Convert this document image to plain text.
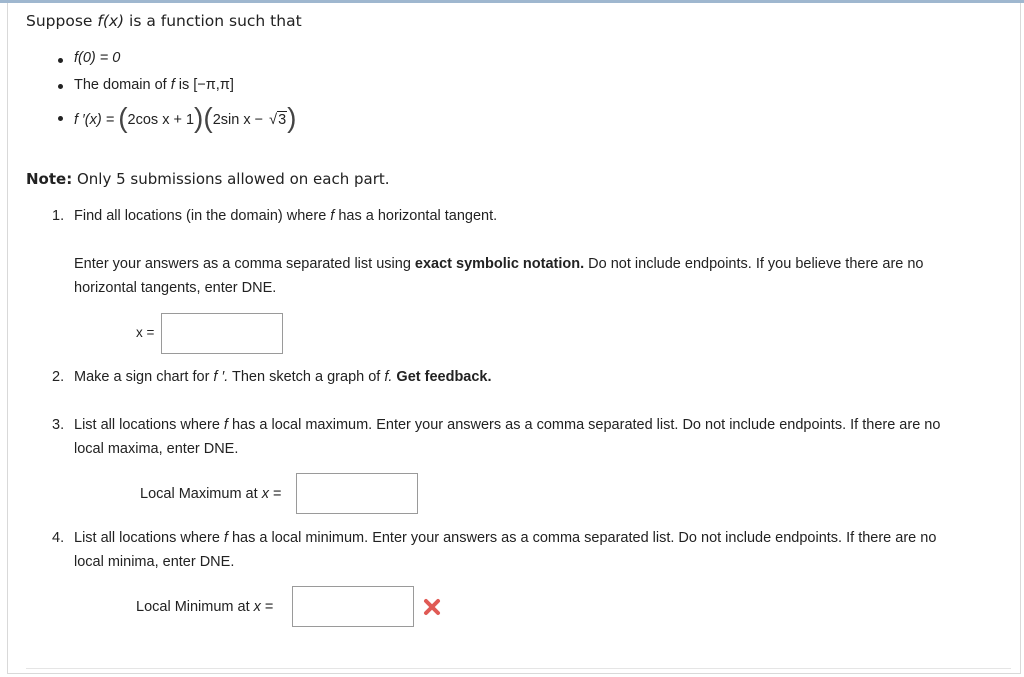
Suppose f(x) is a function such that
f(0) = 0
The domain of f is [−π,π]
f ′(x) = (2cos x + 1)(2sin x − √3)
Note: Only 5 submissions allowed on each part.
1. Find all locations (in the domain) where f has a horizontal tangent.
Enter your answers as a comma separated list using exact symbolic notation. Do not include endpoints. If you believe there are no
horizontal tangents, enter DNE.
x =
2. Make a sign chart for f ′. Then sketch a graph of f. Get feedback.
3. List all locations where f has a local maximum. Enter your answers as a comma separated list. Do not include endpoints. If there are no
local maxima, enter DNE.
Local Maximum at x =
4. List all locations where f has a local minimum. Enter your answers as a comma separated list. Do not include endpoints. If there are no
local minima, enter DNE.
Local Minimum at x =
